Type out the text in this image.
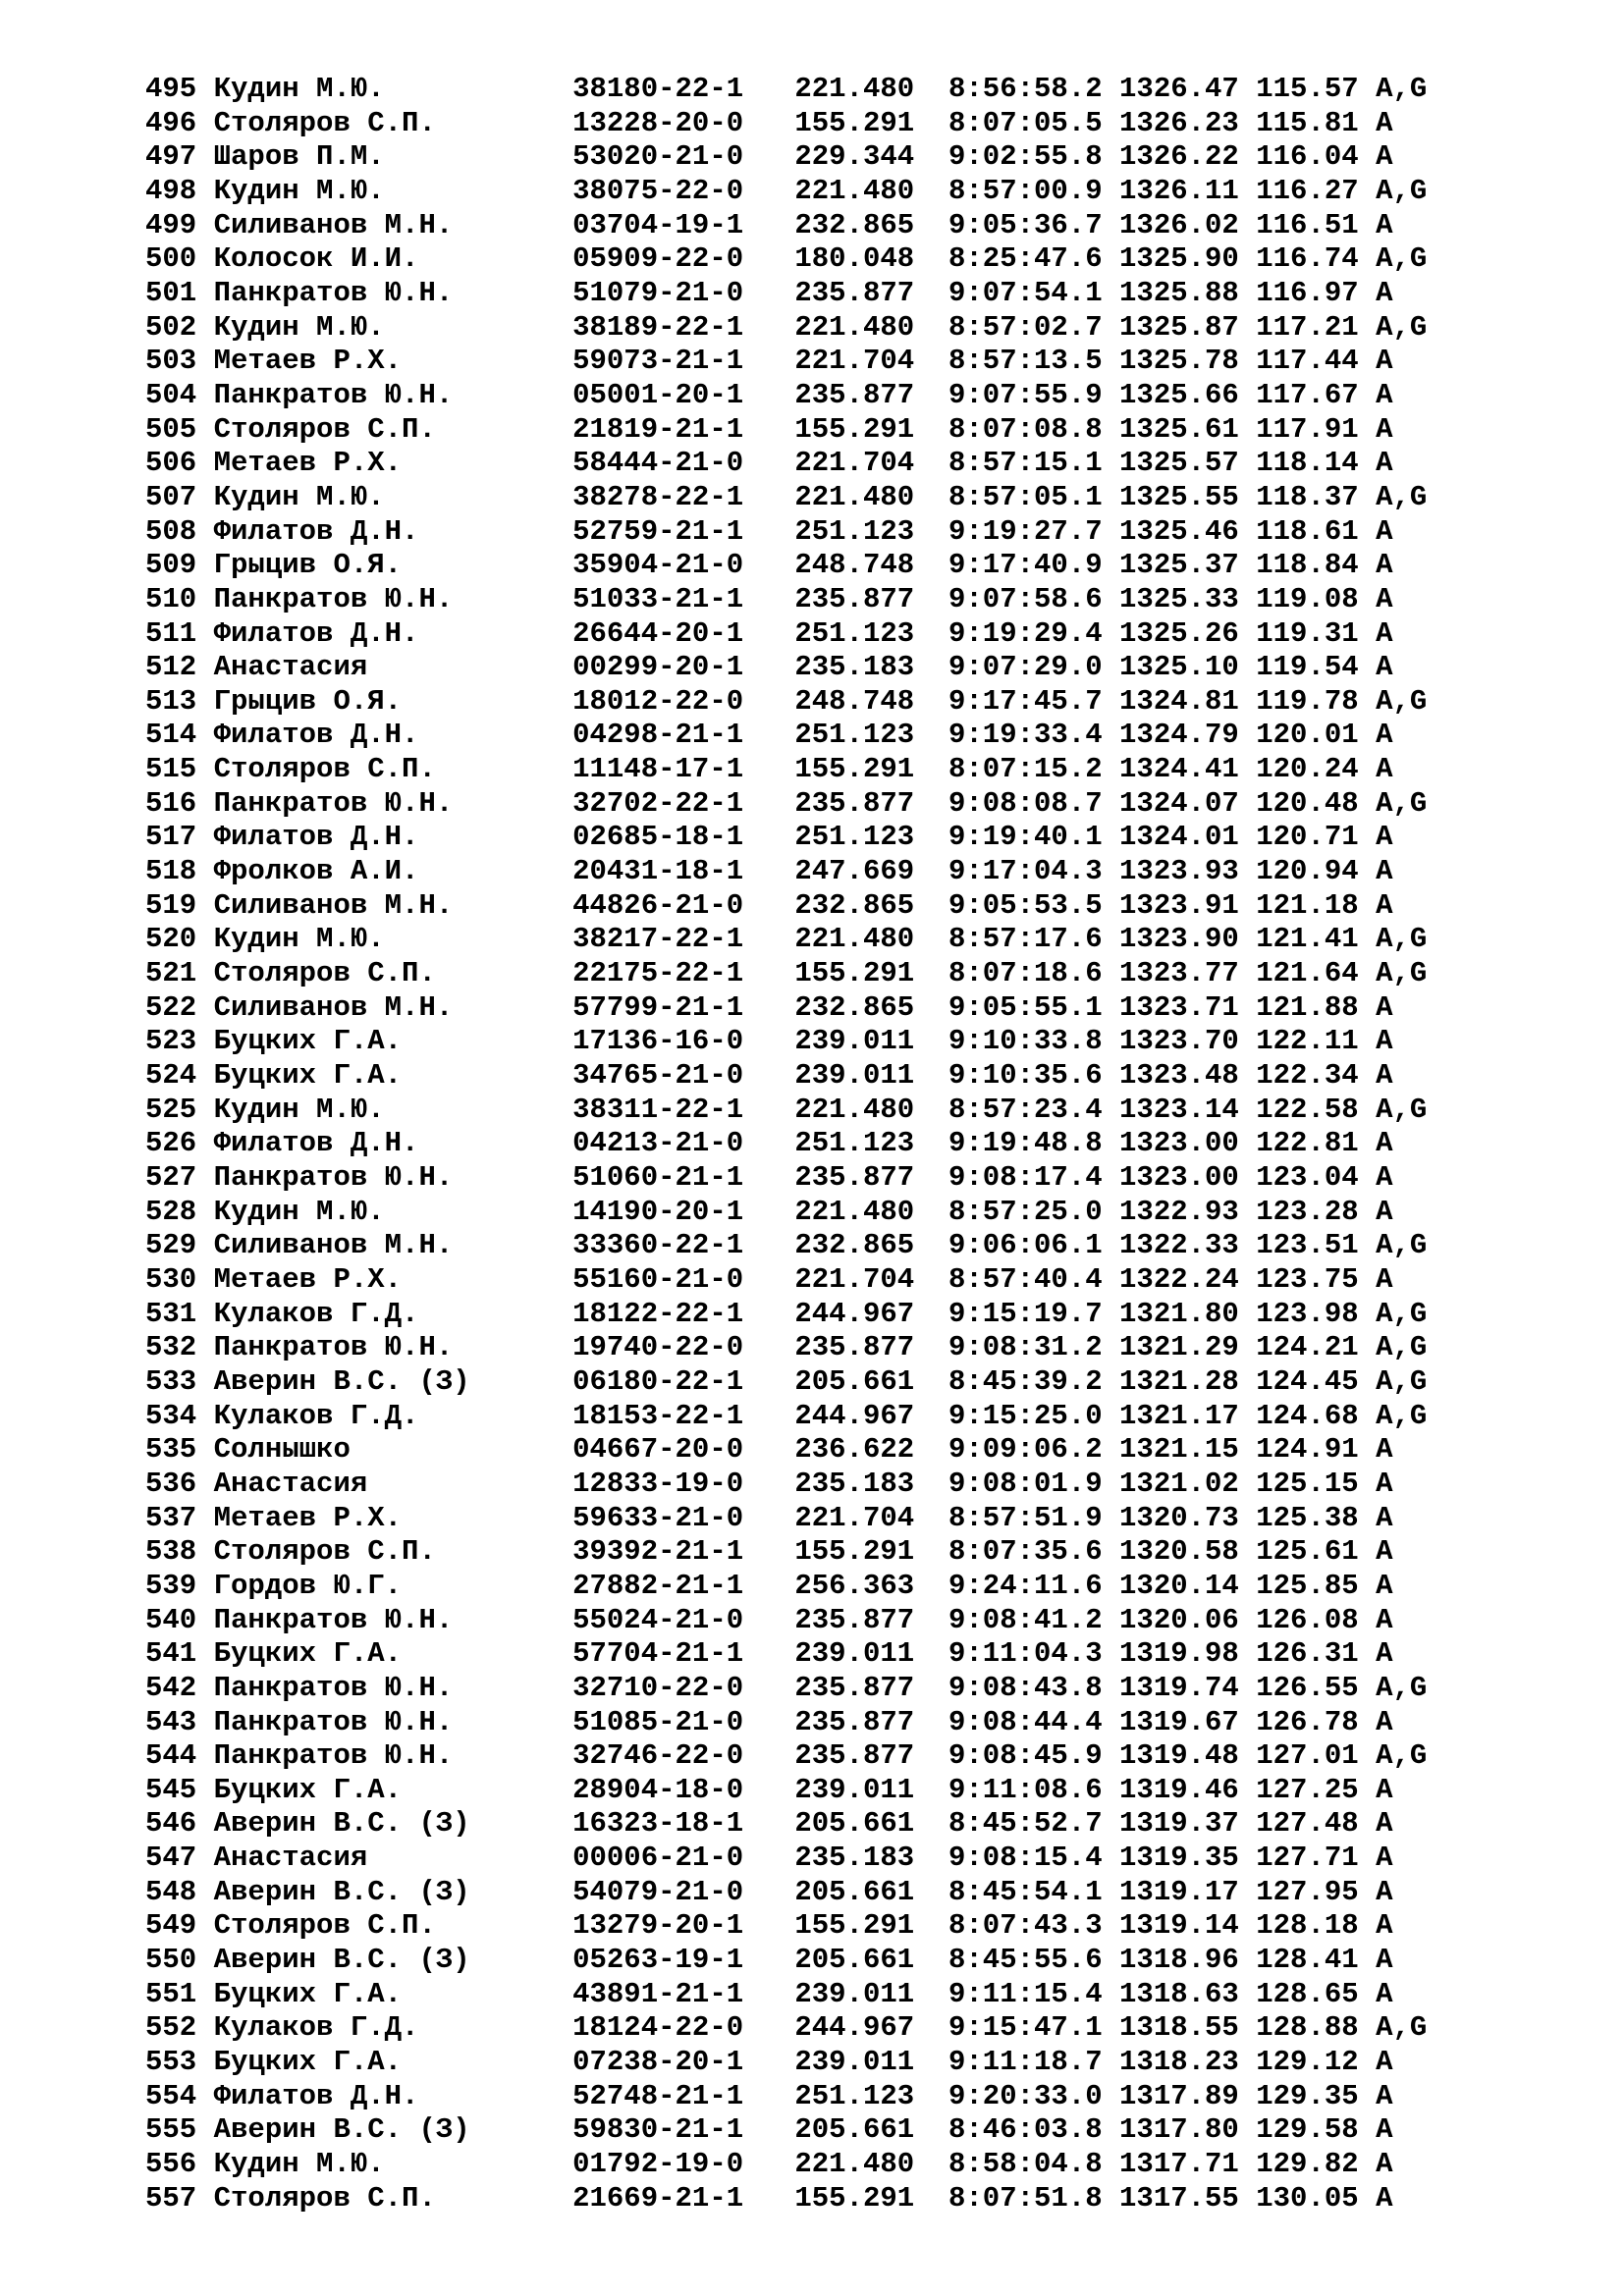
495 Кудин М.Ю.           38180-22-1   221.480  8:56:58.2 1326.47 115.57 A,G
496 Столяров С.П.        13228-20-0   155.291  8:07:05.5 1326.23 115.81 A
497 Шаров П.М.           53020-21-0   229.344  9:02:55.8 1326.22 116.04 A
498 Кудин М.Ю.           38075-22-0   221.480  8:57:00.9 1326.11 116.27 A,G
499 Силиванов М.Н.       03704-19-1   232.865  9:05:36.7 1326.02 116.51 A
500 Колосок И.И.         05909-22-0   180.048  8:25:47.6 1325.90 116.74 A,G
501 Панкратов Ю.Н.       51079-21-0   235.877  9:07:54.1 1325.88 116.97 A
502 Кудин М.Ю.           38189-22-1   221.480  8:57:02.7 1325.87 117.21 A,G
503 Метаев Р.Х.          59073-21-1   221.704  8:57:13.5 1325.78 117.44 A
504 Панкратов Ю.Н.       05001-20-1   235.877  9:07:55.9 1325.66 117.67 A
505 Столяров С.П.        21819-21-1   155.291  8:07:08.8 1325.61 117.91 A
506 Метаев Р.Х.          58444-21-0   221.704  8:57:15.1 1325.57 118.14 A
507 Кудин М.Ю.           38278-22-1   221.480  8:57:05.1 1325.55 118.37 A,G
508 Филатов Д.Н.         52759-21-1   251.123  9:19:27.7 1325.46 118.61 A
509 Грыцив О.Я.          35904-21-0   248.748  9:17:40.9 1325.37 118.84 A
510 Панкратов Ю.Н.       51033-21-1   235.877  9:07:58.6 1325.33 119.08 A
511 Филатов Д.Н.         26644-20-1   251.123  9:19:29.4 1325.26 119.31 A
512 Анастасия            00299-20-1   235.183  9:07:29.0 1325.10 119.54 A
513 Грыцив О.Я.          18012-22-0   248.748  9:17:45.7 1324.81 119.78 A,G
514 Филатов Д.Н.         04298-21-1   251.123  9:19:33.4 1324.79 120.01 A
515 Столяров С.П.        11148-17-1   155.291  8:07:15.2 1324.41 120.24 A
516 Панкратов Ю.Н.       32702-22-1   235.877  9:08:08.7 1324.07 120.48 A,G
517 Филатов Д.Н.         02685-18-1   251.123  9:19:40.1 1324.01 120.71 A
518 Фролков А.И.         20431-18-1   247.669  9:17:04.3 1323.93 120.94 A
519 Силиванов М.Н.       44826-21-0   232.865  9:05:53.5 1323.91 121.18 A
520 Кудин М.Ю.           38217-22-1   221.480  8:57:17.6 1323.90 121.41 A,G
521 Столяров С.П.        22175-22-1   155.291  8:07:18.6 1323.77 121.64 A,G
522 Силиванов М.Н.       57799-21-1   232.865  9:05:55.1 1323.71 121.88 A
523 Буцких Г.А.          17136-16-0   239.011  9:10:33.8 1323.70 122.11 A
524 Буцких Г.А.          34765-21-0   239.011  9:10:35.6 1323.48 122.34 A
525 Кудин М.Ю.           38311-22-1   221.480  8:57:23.4 1323.14 122.58 A,G
526 Филатов Д.Н.         04213-21-0   251.123  9:19:48.8 1323.00 122.81 A
527 Панкратов Ю.Н.       51060-21-1   235.877  9:08:17.4 1323.00 123.04 A
528 Кудин М.Ю.           14190-20-1   221.480  8:57:25.0 1322.93 123.28 A
529 Силиванов М.Н.       33360-22-1   232.865  9:06:06.1 1322.33 123.51 A,G
530 Метаев Р.Х.          55160-21-0   221.704  8:57:40.4 1322.24 123.75 A
531 Кулаков Г.Д.         18122-22-1   244.967  9:15:19.7 1321.80 123.98 A,G
532 Панкратов Ю.Н.       19740-22-0   235.877  9:08:31.2 1321.29 124.21 A,G
533 Аверин В.С. (З)      06180-22-1   205.661  8:45:39.2 1321.28 124.45 A,G
534 Кулаков Г.Д.         18153-22-1   244.967  9:15:25.0 1321.17 124.68 A,G
535 Солнышко             04667-20-0   236.622  9:09:06.2 1321.15 124.91 A
536 Анастасия            12833-19-0   235.183  9:08:01.9 1321.02 125.15 A
537 Метаев Р.Х.          59633-21-0   221.704  8:57:51.9 1320.73 125.38 A
538 Столяров С.П.        39392-21-1   155.291  8:07:35.6 1320.58 125.61 A
539 Гордов Ю.Г.          27882-21-1   256.363  9:24:11.6 1320.14 125.85 A
540 Панкратов Ю.Н.       55024-21-0   235.877  9:08:41.2 1320.06 126.08 A
541 Буцких Г.А.          57704-21-1   239.011  9:11:04.3 1319.98 126.31 A
542 Панкратов Ю.Н.       32710-22-0   235.877  9:08:43.8 1319.74 126.55 A,G
543 Панкратов Ю.Н.       51085-21-0   235.877  9:08:44.4 1319.67 126.78 A
544 Панкратов Ю.Н.       32746-22-0   235.877  9:08:45.9 1319.48 127.01 A,G
545 Буцких Г.А.          28904-18-0   239.011  9:11:08.6 1319.46 127.25 A
546 Аверин В.С. (З)      16323-18-1   205.661  8:45:52.7 1319.37 127.48 A
547 Анастасия            00006-21-0   235.183  9:08:15.4 1319.35 127.71 A
548 Аверин В.С. (З)      54079-21-0   205.661  8:45:54.1 1319.17 127.95 A
549 Столяров С.П.        13279-20-1   155.291  8:07:43.3 1319.14 128.18 A
550 Аверин В.С. (З)      05263-19-1   205.661  8:45:55.6 1318.96 128.41 A
551 Буцких Г.А.          43891-21-1   239.011  9:11:15.4 1318.63 128.65 A
552 Кулаков Г.Д.         18124-22-0   244.967  9:15:47.1 1318.55 128.88 A,G
553 Буцких Г.А.          07238-20-1   239.011  9:11:18.7 1318.23 129.12 A
554 Филатов Д.Н.         52748-21-1   251.123  9:20:33.0 1317.89 129.35 A
555 Аверин В.С. (З)      59830-21-1   205.661  8:46:03.8 1317.80 129.58 A
556 Кудин М.Ю.           01792-19-0   221.480  8:58:04.8 1317.71 129.82 A
557 Столяров С.П.        21669-21-1   155.291  8:07:51.8 1317.55 130.05 A
